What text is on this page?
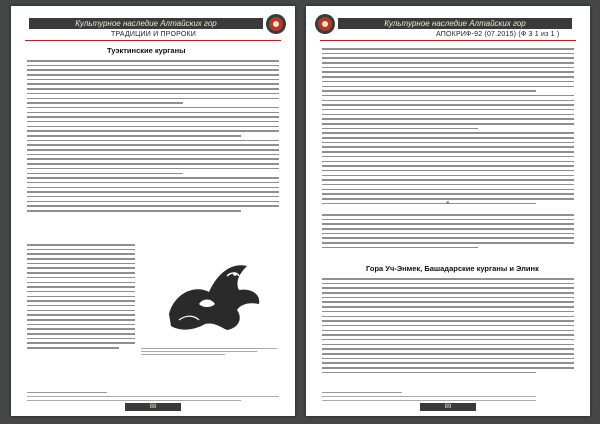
Культурное наследие Алтайских гор
ТРАДИЦИИ И ПРОРОКИ
Туэктинские курганы
88
Культурное наследие Алтайских гор
АПОКРИФ-92 (07.2015) (Ф 3 1 из 1 )
■
Гора Уч-Энмек, Башадарские курганы и Элинк
89
